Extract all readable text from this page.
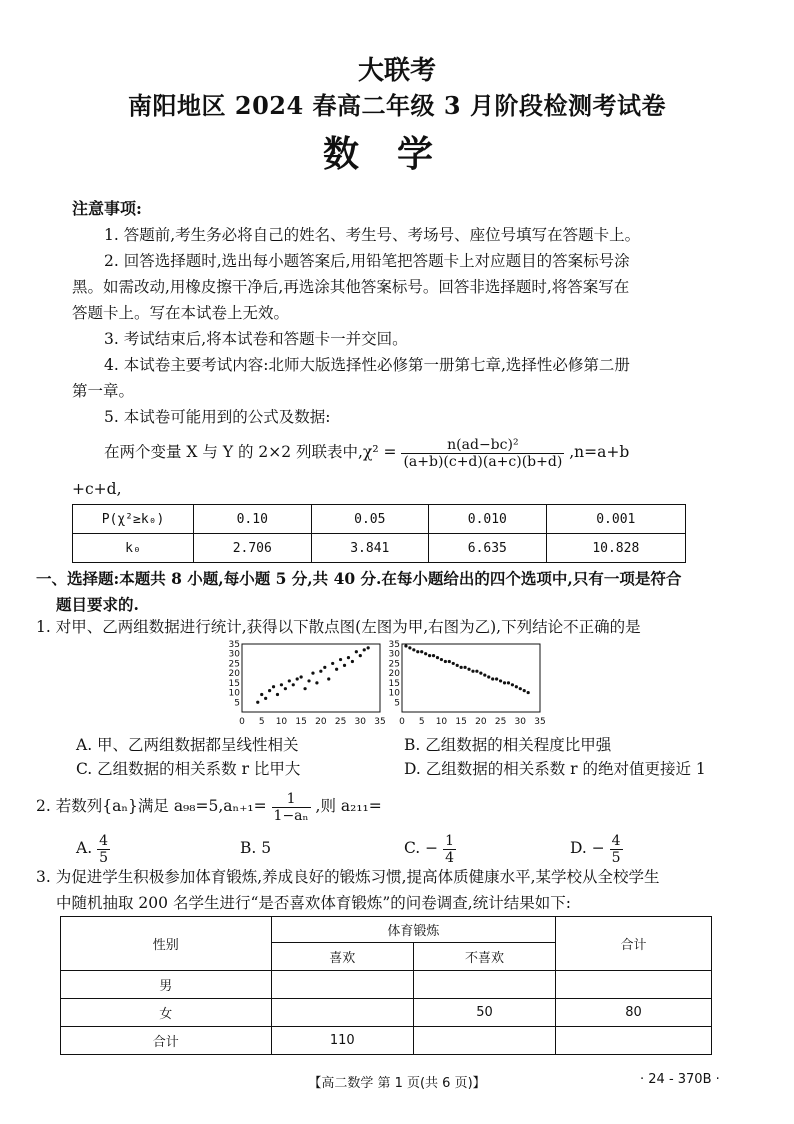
大联考
南阳地区 2024 春高二年级 3 月阶段检测考试卷
数学
注意事项:
1. 答题前,考生务必将自己的姓名、考生号、考场号、座位号填写在答题卡上。
2. 回答选择题时,选出每小题答案后,用铅笔把答题卡上对应题目的答案标号涂
黑。如需改动,用橡皮擦干净后,再选涂其他答案标号。回答非选择题时,将答案写在
答题卡上。写在本试卷上无效。
3. 考试结束后,将本试卷和答题卡一并交回。
4. 本试卷主要考试内容:北师大版选择性必修第一册第七章,选择性必修第二册
第一章。
5. 本试卷可能用到的公式及数据:
在两个变量 X 与 Y 的 2×2 列联表中$,\chi^2 = \frac{\text{n(ad−bc)²}}{(a+b)(c+d)(a+c)(b+d)} ,n=a+b$
+c+d,
P(χ²≥k₀)	0.10	0.05	0.010	0.001
k₀	2.706	3.841	6.635	10.828
一、选择题:本题共 8 小题,每小题 5 分,共 40 分.在每小题给出的四个选项中,只有一项是符合
题目要求的.
1. 对甲、乙两组数据进行统计,获得以下散点图(左图为甲,右图为乙),下列结论不正确的是
0 5 10 15 20 25 30 35
5
10
15
20
25
30
35
0 5 10 15 20 25 30 35
5
10
15
20
25
30
35
A. 甲、乙两组数据都呈线性相关	B. 乙组数据的相关程度比甲强
C. 乙组数据的相关系数 r 比甲大	D. 乙组数据的相关系数 r 的绝对值更接近 1
2. 若数列{aₙ}满足 $a_{98}=5,a_{n+1}= \frac{1}{\text{1−aₙ}}$ ,则 a₂₁₁=
A. $\frac{4}{5}$	B. 5	C. − $\frac{1}{4}$	D. − $\frac{4}{5}$
3. 为促进学生积极参加体育锻炼,养成良好的锻炼习惯,提高体质健康水平,某学校从全校学生
中随机抽取 200 名学生进行“是否喜欢体育锻炼”的问卷调查,统计结果如下:
性别	体育锻炼		合计
	喜欢	不喜欢	
男			
女		50	80
合计	110		
【高二数学 第 1 页(共 6 页)】	· 24 - 370B ·
